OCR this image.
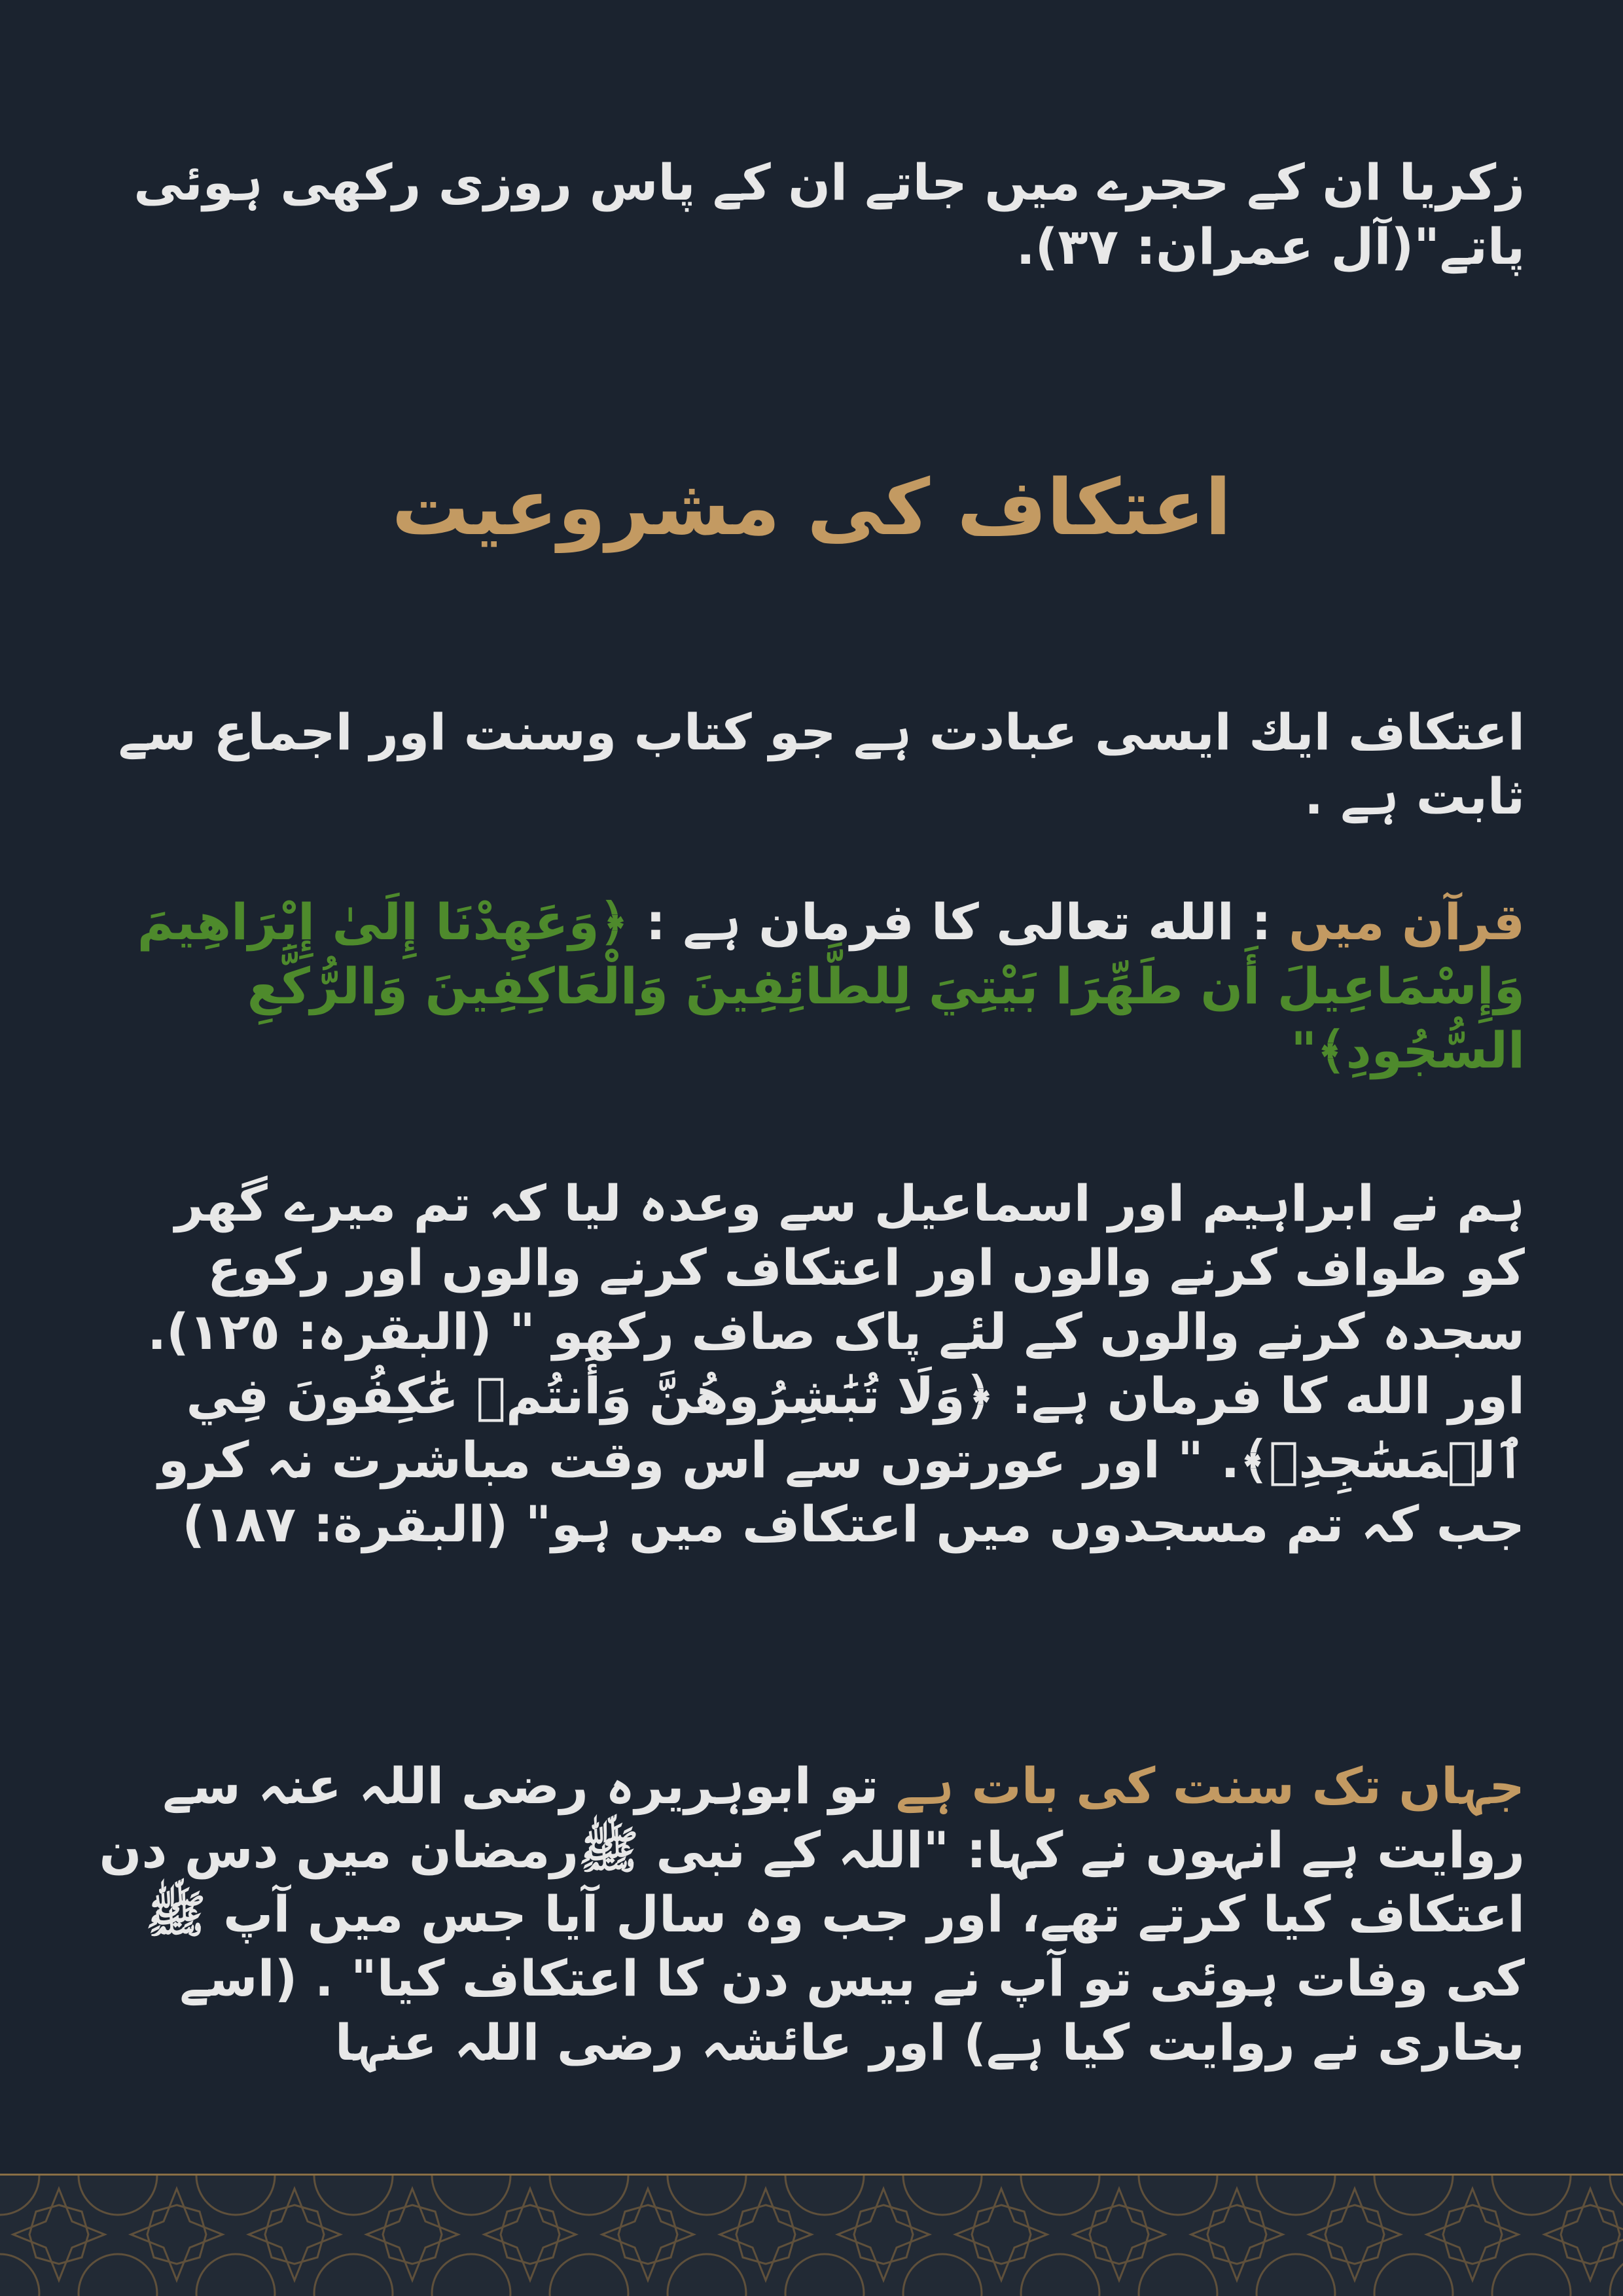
زکریا ان کے حجرے میں جاتے ان کے پاس روزی رکھی ہوئی پاتے"(آل عمران: ٣٧).

اعتکاف کی مشروعیت

اعتكاف ايك ایسی عبادت ہے جو کتاب وسنت اور اجماع سے ثابت ہے .

قرآن میں : الله تعالى كا فرمان ہے : ﴿وَعَهِدْنَا إِلَىٰ إِبْرَاهِيمَ وَإِسْمَاعِيلَ أَن طَهِّرَا بَيْتِيَ لِلطَّائِفِينَ وَالْعَاكِفِينَ وَالرُّكَّعِ السُّجُودِ﴾"

ہم نے ابراہیم اور اسماعیل سے وعدہ لیا کہ تم میرے گھر کو طواف کرنے والوں اور اعتکاف کرنے والوں اور رکوع سجدہ کرنے والوں کے لئے پاک صاف رکھو " (البقرہ: ١٢٥). اور الله كا فرمان ہے: ﴿وَلَا تُبَٰشِرُوهُنَّ وَأَنتُمۡ عَٰكِفُونَ فِي ٱلۡمَسَٰجِدِۗ﴾. " اور عورتوں سے اس وقت مباشرت نہ کرو جب کہ تم مسجدوں میں اعتکاف میں ہو" (البقرة: ١٨٧)

جہاں تک سنت کی بات ہے تو ابوہریرہ رضی اللہ عنہ سے روایت ہے انہوں نے کہا: "اللہ کے نبی ﷺرمضان میں دس دن اعتکاف کیا کرتے تھے، اور جب وہ سال آیا جس میں آپ ﷺ کی وفات ہوئی تو آپ نے بیس دن کا اعتکاف کیا" . (اسے بخاری نے روایت کیا ہے) اور عائشہ رضی اللہ عنہا
